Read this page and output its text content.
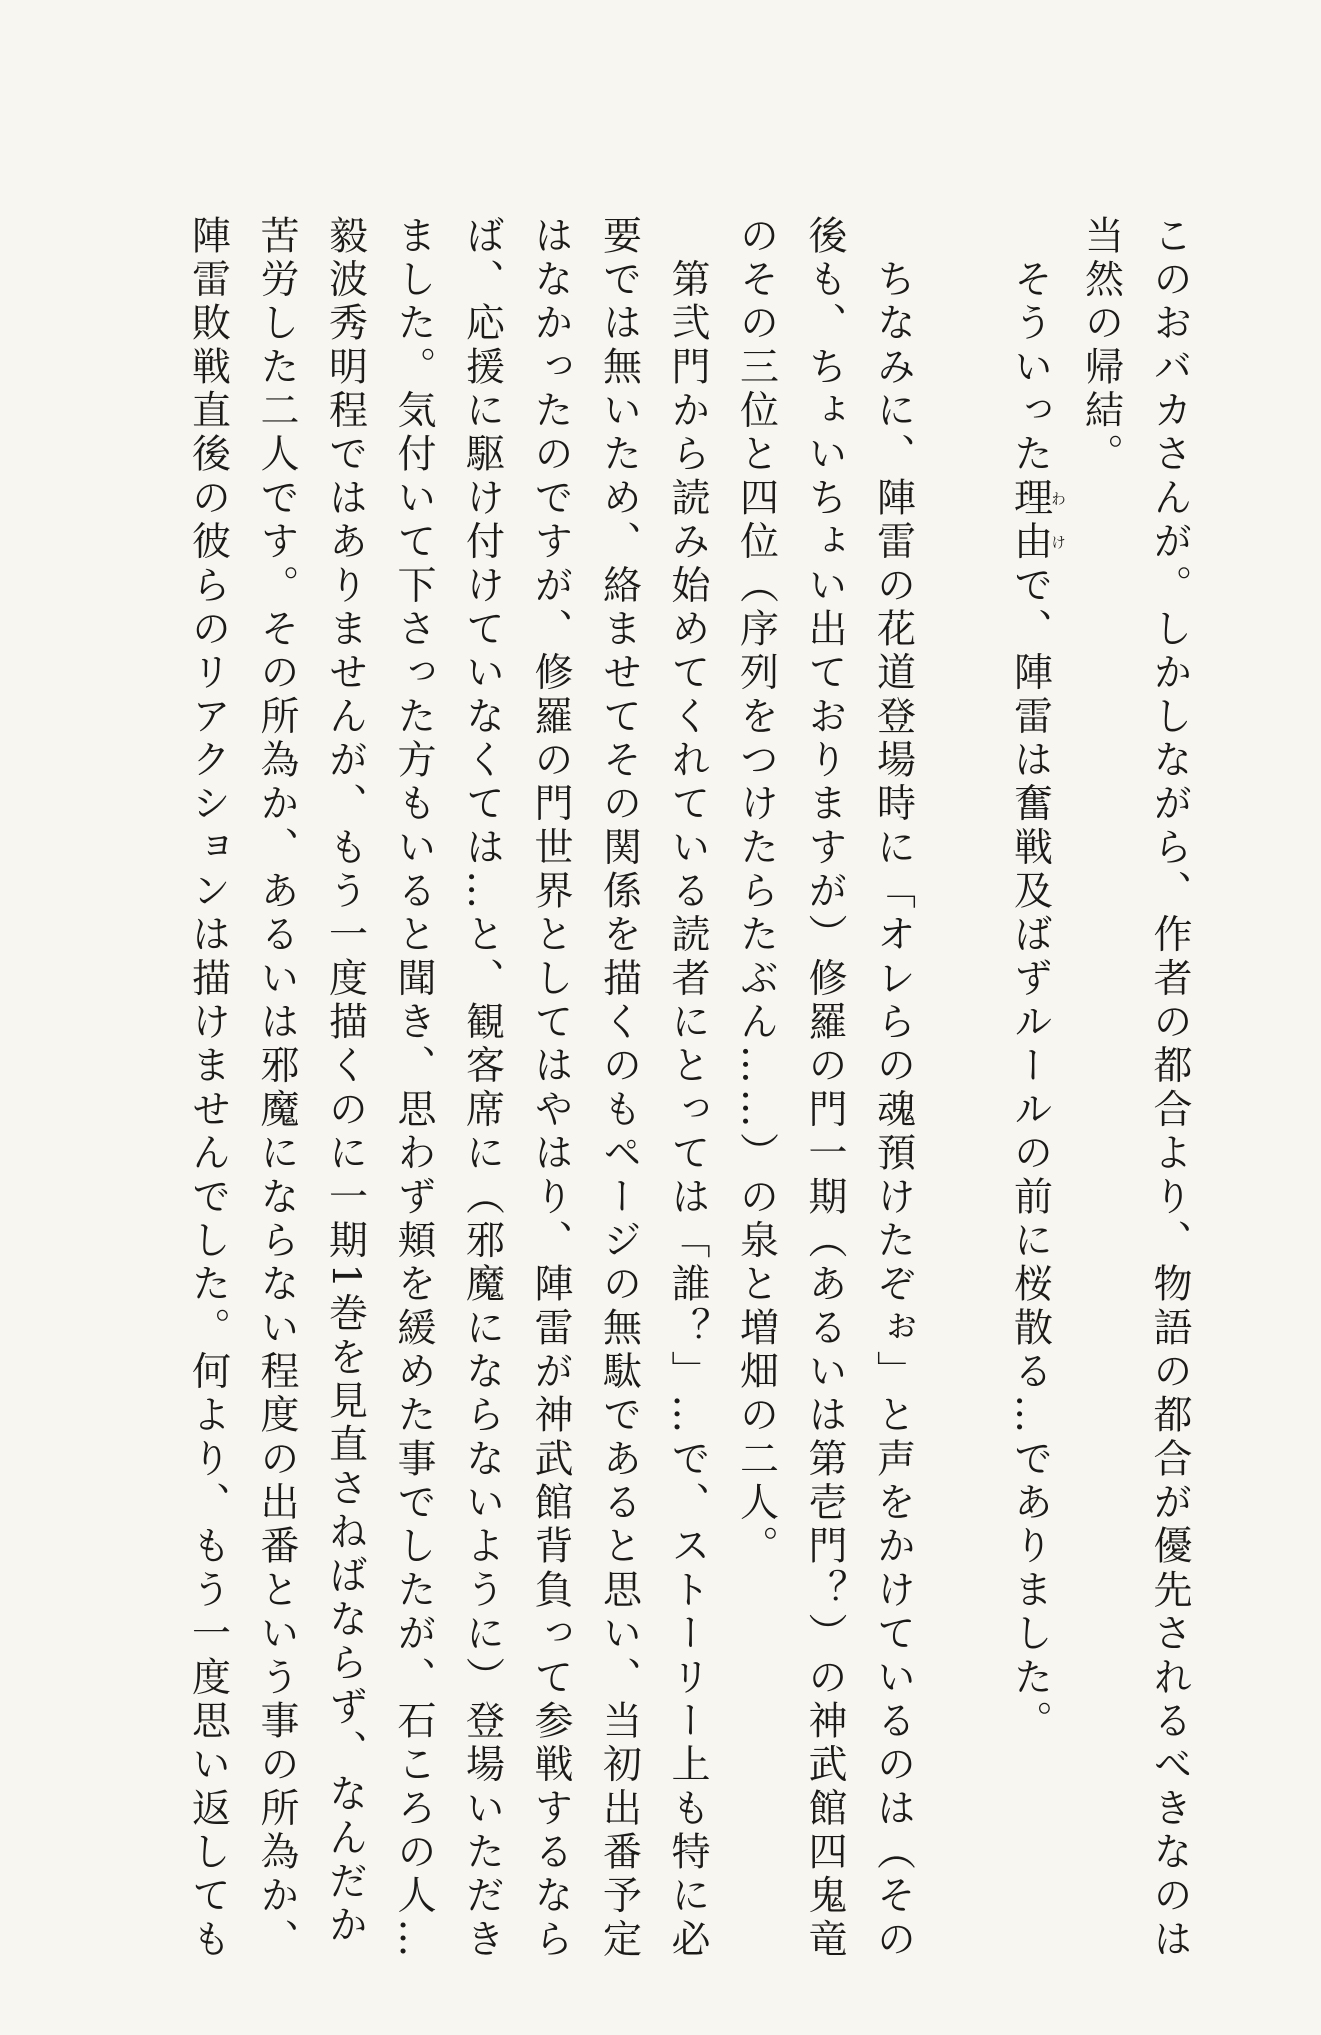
このおバカさんが。しかしながら、作者の都合より、物語の都合が優先されるべきなのは

当然の帰結。

　そういった理由わけで、陣雷は奮戦及ばずルールの前に桜散る…でありました。

　ちなみに、陣雷の花道登場時に「オレらの魂預けたぞぉ」と声をかけているのは（その

後も、ちょいちょい出ておりますが）修羅の門一期（あるいは第壱門？）の神武館四鬼竜

のその三位と四位（序列をつけたらたぶん……）の泉と増畑の二人。

　第弐門から読み始めてくれている読者にとっては「誰？」…で、ストーリー上も特に必

要では無いため、絡ませてその関係を描くのもページの無駄であると思い、当初出番予定

はなかったのですが、修羅の門世界としてはやはり、陣雷が神武館背負って参戦するなら

ば、応援に駆け付けていなくては…と、観客席に（邪魔にならないように）登場いただき

ました。気付いて下さった方もいると聞き、思わず頬を緩めた事でしたが、石ころの人…

毅波秀明程ではありませんが、もう一度描くのに一期1巻を見直さねばならず、なんだか

苦労した二人です。その所為か、あるいは邪魔にならない程度の出番という事の所為か、

陣雷敗戦直後の彼らのリアクションは描けませんでした。何より、もう一度思い返しても
